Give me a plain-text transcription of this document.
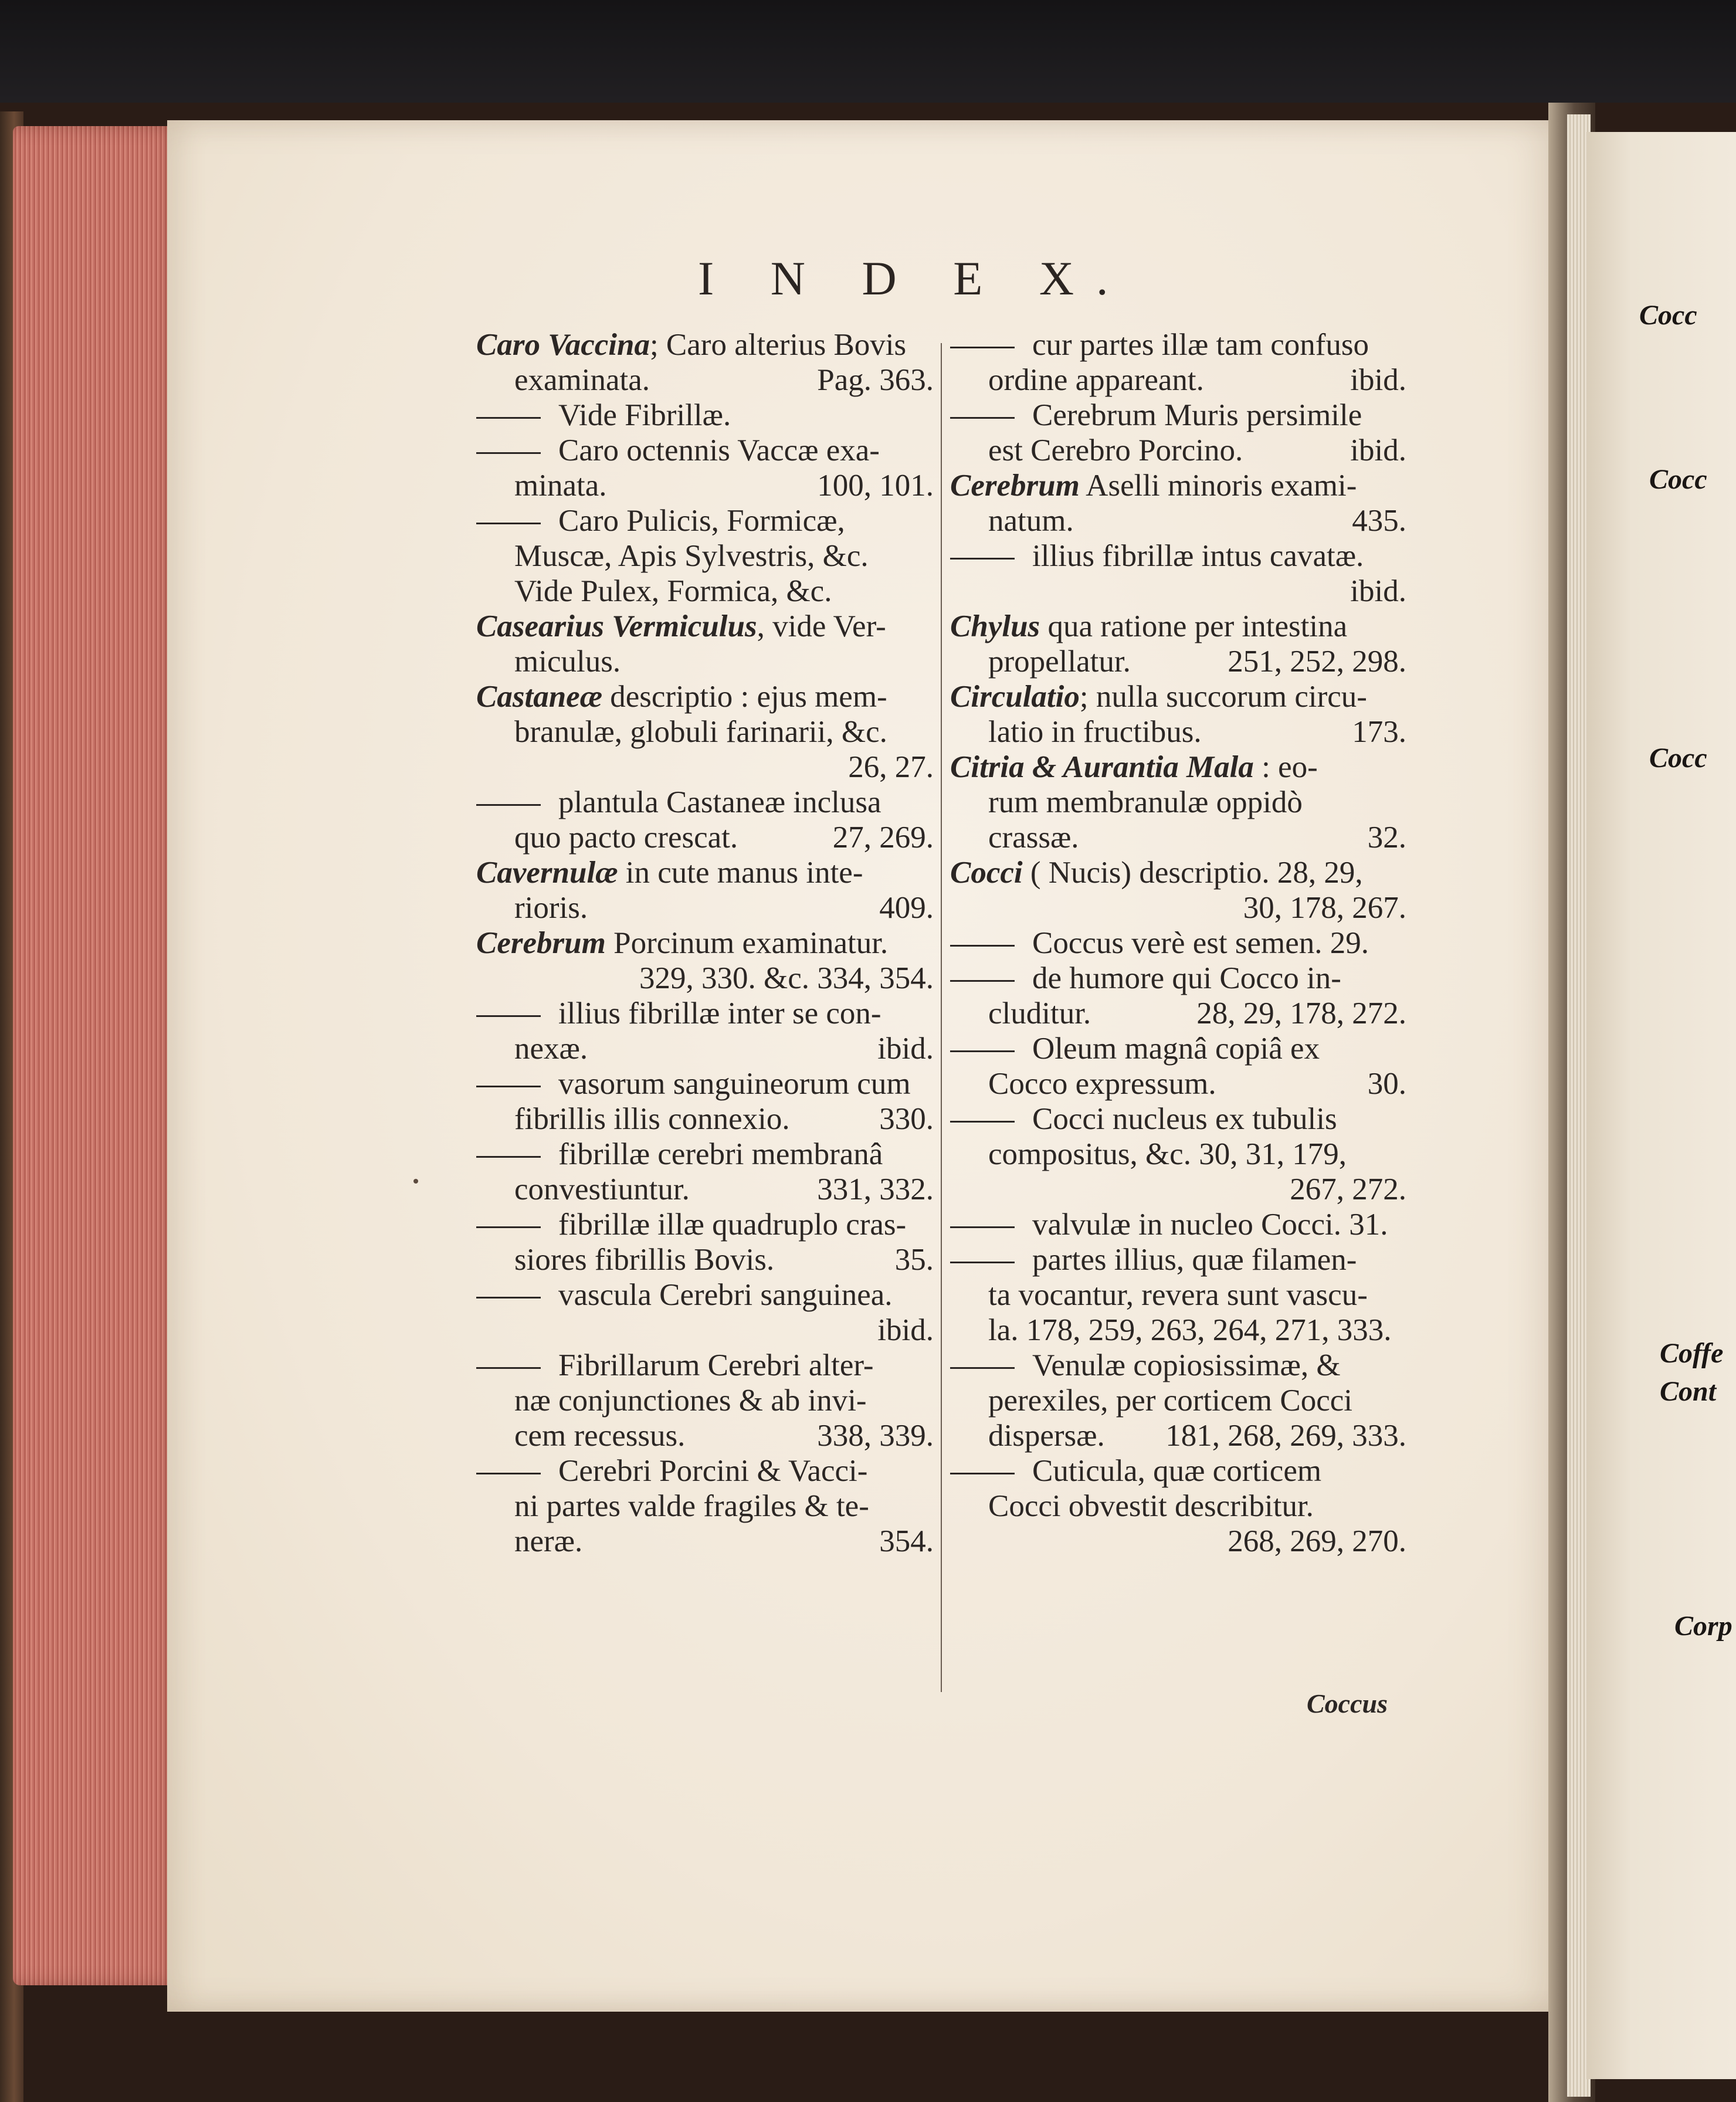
Cocc
Cocc
Cocc
Coffe
Cont
Corp
I N D E X.
Caro Vaccina; Caro alterius Bovis
examinata.	Pag. 363.
Vide Fibrillæ.
Caro octennis Vaccæ exa-
minata.	100, 101.
Caro Pulicis, Formicæ,
Muscæ, Apis Sylvestris, &c.
Vide Pulex, Formica, &c.
Casearius Vermiculus, vide Ver-
miculus.
Castaneæ descriptio : ejus mem-
branulæ, globuli farinarii, &c.
26, 27.
plantula Castaneæ inclusa
quo pacto crescat.	27, 269.
Cavernulæ in cute manus inte-
rioris.	409.
Cerebrum Porcinum examinatur.
329, 330. &c. 334, 354.
illius fibrillæ inter se con-
nexæ.	ibid.
vasorum sanguineorum cum
fibrillis illis connexio.	330.
fibrillæ cerebri membranâ
convestiuntur.	331, 332.
fibrillæ illæ quadruplo cras-
siores fibrillis Bovis.	35.
vascula Cerebri sanguinea.
ibid.
Fibrillarum Cerebri alter-
næ conjunctiones & ab invi-
cem recessus.	338, 339.
Cerebri Porcini & Vacci-
ni partes valde fragiles & te-
neræ.	354.
cur partes illæ tam confuso
ordine appareant.	ibid.
Cerebrum Muris persimile
est Cerebro Porcino.	ibid.
Cerebrum Aselli minoris exami-
natum.	435.
illius fibrillæ intus cavatæ.
ibid.
Chylus qua ratione per intestina
propellatur.	251, 252, 298.
Circulatio; nulla succorum circu-
latio in fructibus.	173.
Citria & Aurantia Mala : eo-
rum membranulæ oppidò
crassæ.	32.
Cocci ( Nucis) descriptio. 28, 29,
30, 178, 267.
Coccus verè est semen. 29.
de humore qui Cocco in-
cluditur.	28, 29, 178, 272.
Oleum magnâ copiâ ex
Cocco expressum.	30.
Cocci nucleus ex tubulis
compositus, &c. 30, 31, 179,
267, 272.
valvulæ in nucleo Cocci. 31.
partes illius, quæ filamen-
ta vocantur, revera sunt vascu-
la. 178, 259, 263, 264, 271, 333.
Venulæ copiosissimæ, &
perexiles, per corticem Cocci
dispersæ. 181, 268, 269, 333.
Cuticula, quæ corticem
Cocci obvestit describitur.
268, 269, 270.
Coccus
